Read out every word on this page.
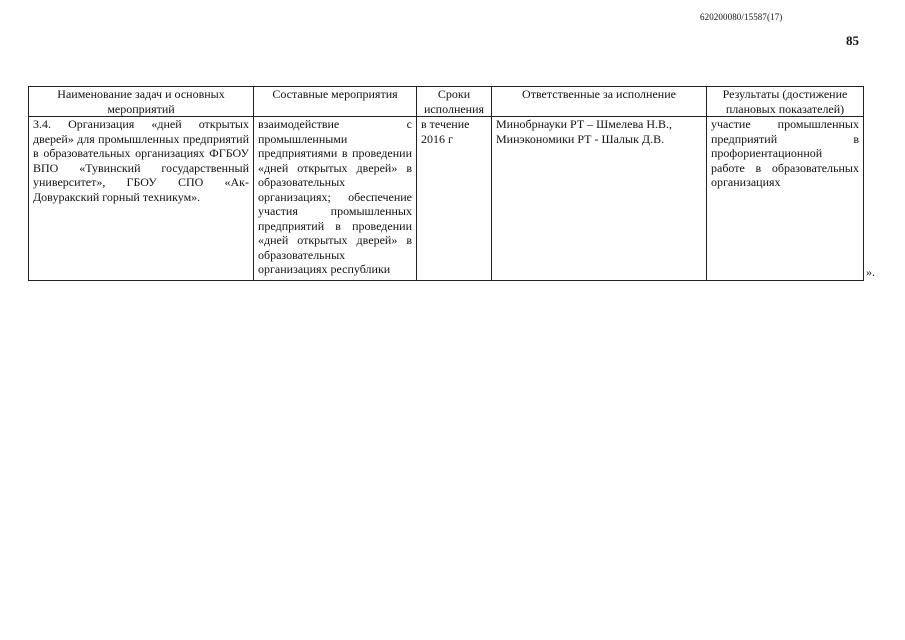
620200080/15587(17)
85
Наименование задач и основных мероприятий	Составные мероприятия	Сроки исполнения	Ответственные за исполнение	Результаты (достижение плановых показателей)
3.4. Организация «дней открытых дверей» для промышленных предприятий в образовательных организациях ФГБОУ ВПО «Тувинский государственный университет», ГБОУ СПО «Ак-Довуракский горный техникум».	взаимодействие с промышленными предприятиями в проведении «дней открытых дверей» в образовательных организациях; обеспечение участия промышленных предприятий в проведении «дней открытых дверей» в образовательных организациях республики	в течение 2016 г	Минобрнауки РТ – Шмелева Н.В., Минэкономики РТ - Шалык Д.В.	участие промышленных предприятий в профориентационной работе в образовательных организациях
».
